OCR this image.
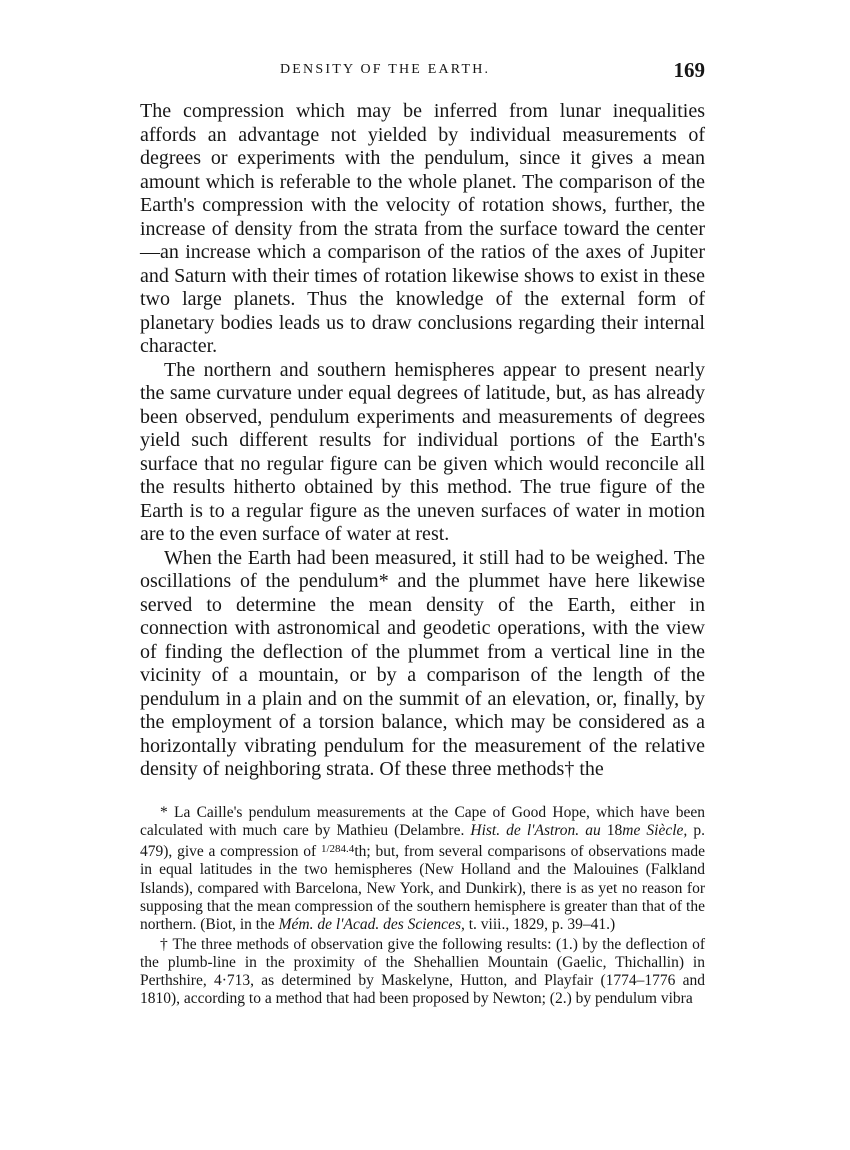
DENSITY OF THE EARTH.	169

The compression which may be inferred from lunar inequalities affords an advantage not yielded by individual measurements of degrees or experiments with the pendulum, since it gives a mean amount which is referable to the whole planet. The comparison of the Earth's compression with the velocity of rotation shows, further, the increase of density from the strata from the surface toward the center—an increase which a comparison of the ratios of the axes of Jupiter and Saturn with their times of rotation likewise shows to exist in these two large planets. Thus the knowledge of the external form of planetary bodies leads us to draw conclusions regarding their internal character.

The northern and southern hemispheres appear to present nearly the same curvature under equal degrees of latitude, but, as has already been observed, pendulum experiments and measurements of degrees yield such different results for individual portions of the Earth's surface that no regular figure can be given which would reconcile all the results hitherto obtained by this method. The true figure of the Earth is to a regular figure as the uneven surfaces of water in motion are to the even surface of water at rest.

When the Earth had been measured, it still had to be weighed. The oscillations of the pendulum* and the plummet have here likewise served to determine the mean density of the Earth, either in connection with astronomical and geodetic operations, with the view of finding the deflection of the plummet from a vertical line in the vicinity of a mountain, or by a comparison of the length of the pendulum in a plain and on the summit of an elevation, or, finally, by the employment of a torsion balance, which may be considered as a horizontally vibrating pendulum for the measurement of the relative density of neighboring strata. Of these three methods† the

* La Caille's pendulum measurements at the Cape of Good Hope, which have been calculated with much care by Mathieu (Delambre. Hist. de l'Astron. au 18me Siècle, p. 479), give a compression of $^{1/284.4}$th; but, from several comparisons of observations made in equal latitudes in the two hemispheres (New Holland and the Malouines (Falkland Islands), compared with Barcelona, New York, and Dunkirk), there is as yet no reason for supposing that the mean compression of the southern hemisphere is greater than that of the northern. (Biot, in the Mém. de l'Acad. des Sciences, t. viii., 1829, p. 39–41.)

† The three methods of observation give the following results: (1.) by the deflection of the plumb-line in the proximity of the Shehallien Mountain (Gaelic, Thichallin) in Perthshire, 4·713, as determined by Maskelyne, Hutton, and Playfair (1774–1776 and 1810), according to a method that had been proposed by Newton; (2.) by pendulum vibra
